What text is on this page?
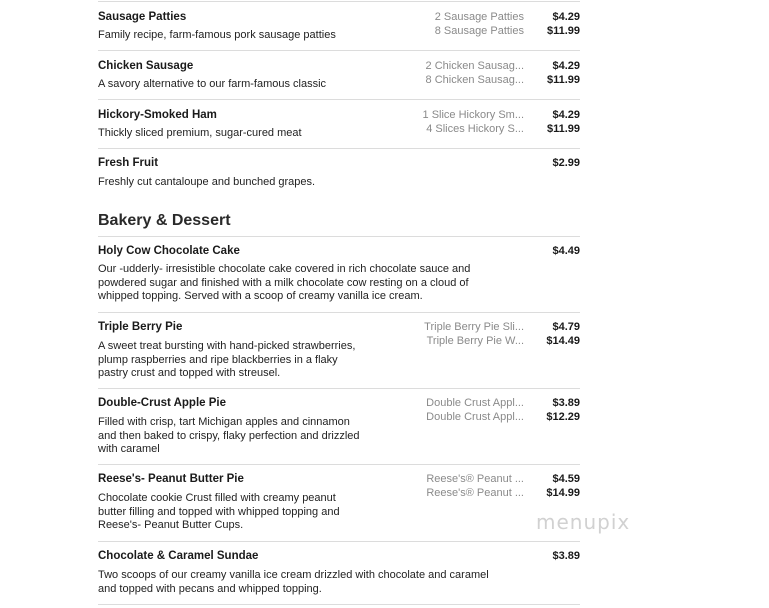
Sausage Patties
Family recipe, farm-famous pork sausage patties
2 Sausage Patties	$4.29
8 Sausage Patties $11.99
Chicken Sausage
A savory alternative to our farm-famous classic
2 Chicken Sausag...	$4.29
8 Chicken Sausag... $11.99
Hickory-Smoked Ham
Thickly sliced premium, sugar-cured meat
1 Slice Hickory Sm...	$4.29
4 Slices Hickory S... $11.99
Fresh Fruit
Freshly cut cantaloupe and bunched grapes.
$2.99
Bakery & Dessert
Holy Cow Chocolate Cake
Our -udderly- irresistible chocolate cake covered in rich chocolate sauce and
powdered sugar and finished with a milk chocolate cow resting on a cloud of
whipped topping. Served with a scoop of creamy vanilla ice cream.
$4.49
Triple Berry Pie
A sweet treat bursting with hand-picked strawberries,
plump raspberries and ripe blackberries in a flaky
pastry crust and topped with streusel.
Triple Berry Pie Sli...	$4.79
Triple Berry Pie W... $14.49
Double-Crust Apple Pie
Filled with crisp, tart Michigan apples and cinnamon
and then baked to crispy, flaky perfection and drizzled
with caramel
Double Crust Appl...	$3.89
Double Crust Appl... $12.29
Reese's- Peanut Butter Pie
Chocolate cookie Crust filled with creamy peanut
butter filling and topped with whipped topping and
Reese's- Peanut Butter Cups.
Reese's® Peanut ...	$4.59
Reese's® Peanut ... $14.99
Chocolate & Caramel Sundae
Two scoops of our creamy vanilla ice cream drizzled with chocolate and caramel
and topped with pecans and whipped topping.
$3.89
menupix
